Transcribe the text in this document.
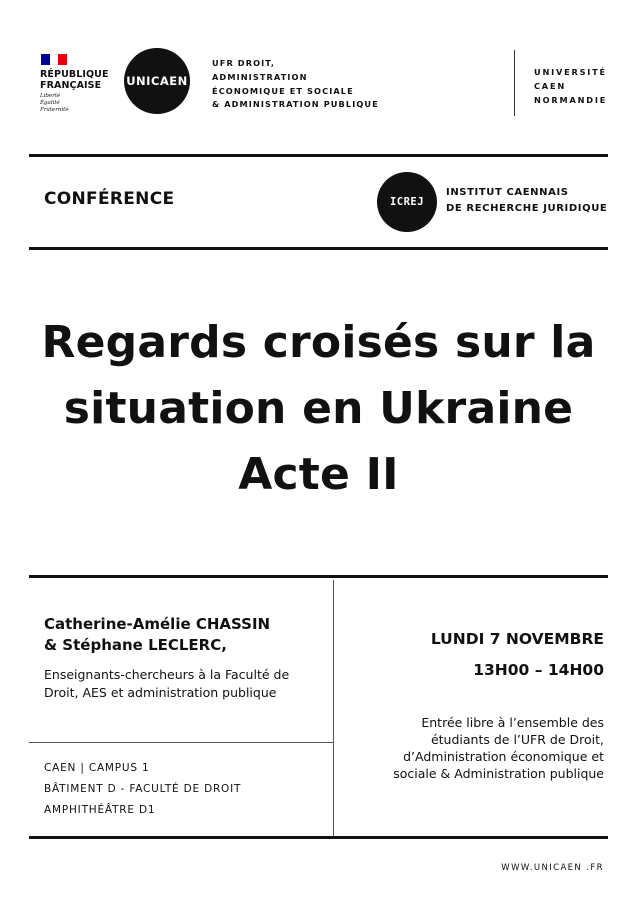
RÉPUBLIQUE
FRANÇAISE
Liberté
Égalité
Fraternité
UNICAEN
UFR DROIT,
ADMINISTRATION
ÉCONOMIQUE ET SOCIALE
& ADMINISTRATION PUBLIQUE
UNIVERSITÉ
CAEN
NORMANDIE
CONFÉRENCE	ICREJ
INSTITUT CAENNAIS
DE RECHERCHE JURIDIQUE
Regards croisés sur la
situation en Ukraine
Acte II
Catherine-Amélie CHASSIN
& Stéphane LECLERC,
Enseignants-chercheurs à la Faculté de
Droit, AES et administration publique
CAEN | CAMPUS 1
BÂTIMENT D - FACULTÉ DE DROIT
AMPHITHÉÂTRE D1
LUNDI 7 NOVEMBRE
13H00 – 14H00
Entrée libre à l’ensemble des
étudiants de l’UFR de Droit,
d’Administration économique et
sociale & Administration publique
WWW.UNICAEN .FR
